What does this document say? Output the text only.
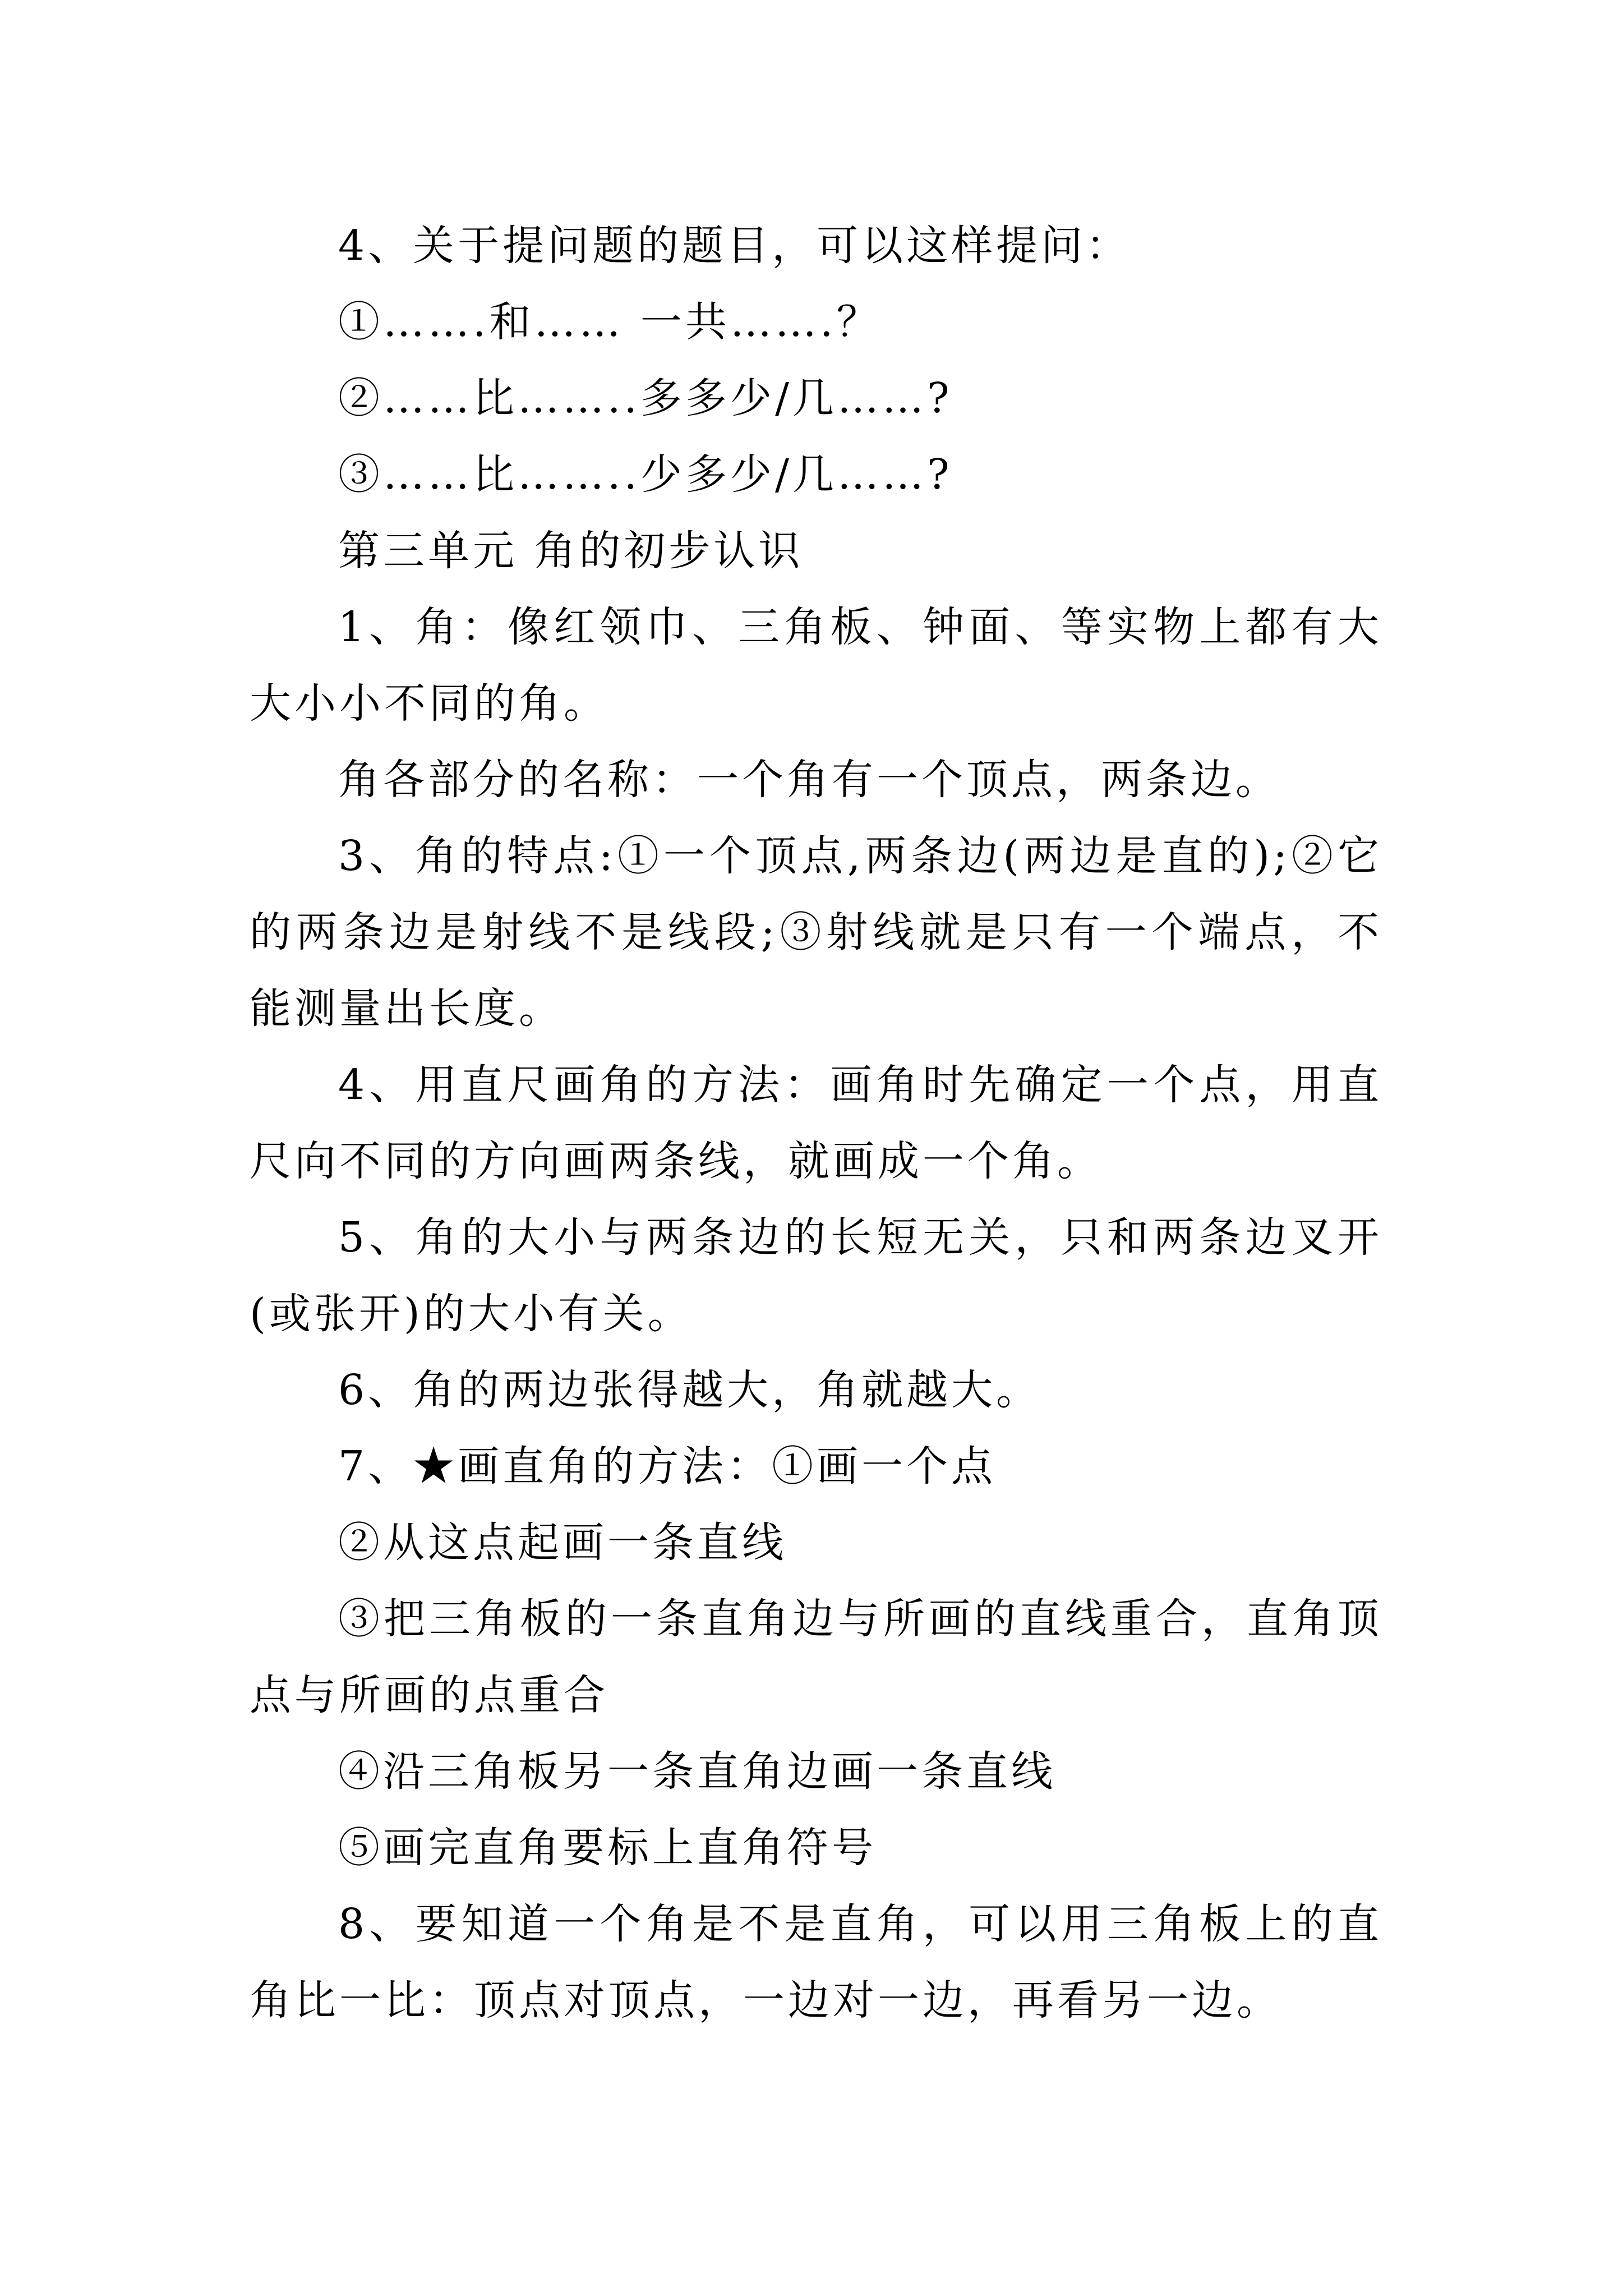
4、关于提问题的题目，可以这样提问：

①…….和…… 一共…….？

②……比……..多多少/几……?

③……比……..少多少/几……?

第三单元 角的初步认识

1、角：像红领巾、三角板、钟面、等实物上都有大大小小不同的角。

角各部分的名称：一个角有一个顶点，两条边。

3、角的特点:①一个顶点,两条边(两边是直的);②它的两条边是射线不是线段;③射线就是只有一个端点，不能测量出长度。

4、用直尺画角的方法：画角时先确定一个点，用直尺向不同的方向画两条线，就画成一个角。

5、角的大小与两条边的长短无关，只和两条边叉开(或张开)的大小有关。

6、角的两边张得越大，角就越大。

7、★画直角的方法：①画一个点

②从这点起画一条直线

③把三角板的一条直角边与所画的直线重合，直角顶点与所画的点重合

④沿三角板另一条直角边画一条直线

⑤画完直角要标上直角符号

8、要知道一个角是不是直角，可以用三角板上的直角比一比：顶点对顶点，一边对一边，再看另一边。
